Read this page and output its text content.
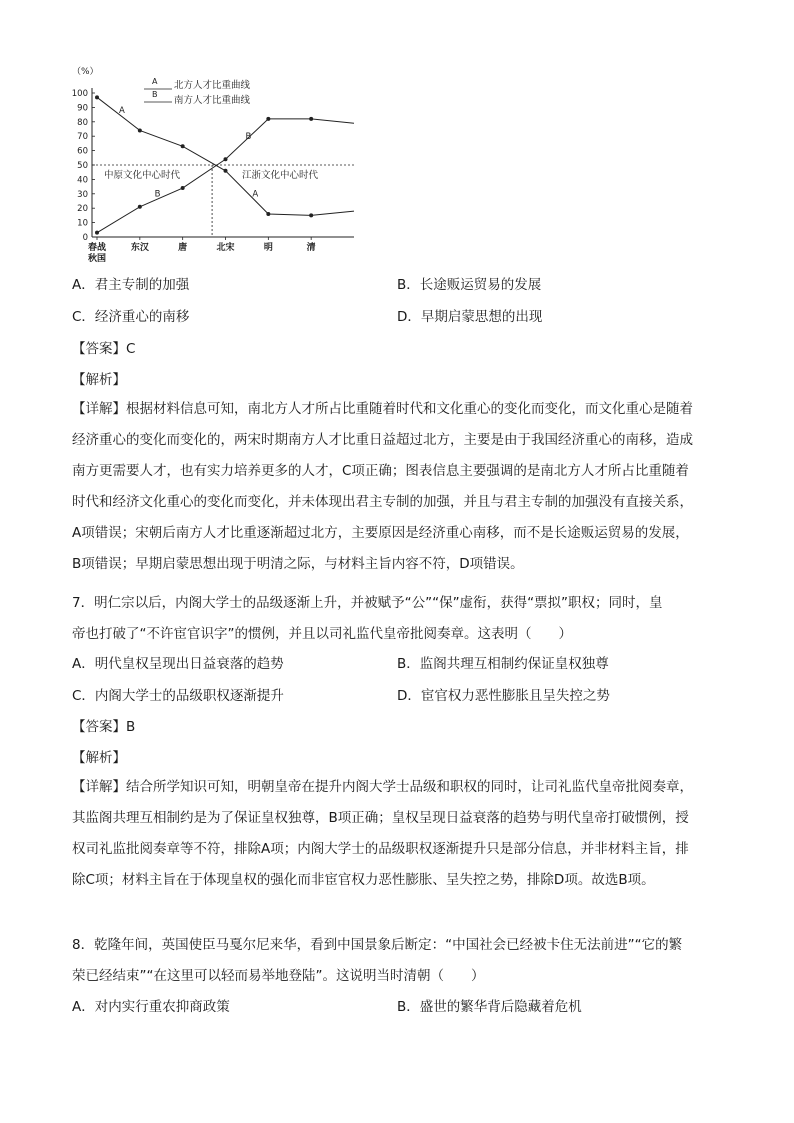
（%）
A 北方人才比重曲线
B
南方人才比重曲线
0
10
20
30
40
50
60
70
80
90
100
春战	东汉	唐	北宋	明	清
秋国
A
B
B
A
中原文化中心时代	江浙文化中心时代
A．君主专制的加强	B．长途贩运贸易的发展
C．经济重心的南移	D．早期启蒙思想的出现
【答案】C
【解析】
【详解】根据材料信息可知，南北方人才所占比重随着时代和文化重心的变化而变化，而文化重心是随着
经济重心的变化而变化的，两宋时期南方人才比重日益超过北方，主要是由于我国经济重心的南移，造成
南方更需要人才，也有实力培养更多的人才，C项正确；图表信息主要强调的是南北方人才所占比重随着
时代和经济文化重心的变化而变化，并未体现出君主专制的加强，并且与君主专制的加强没有直接关系，
A项错误；宋朝后南方人才比重逐渐超过北方，主要原因是经济重心南移，而不是长途贩运贸易的发展，
B项错误；早期启蒙思想出现于明清之际，与材料主旨内容不符，D项错误。
7．明仁宗以后，内阁大学士的品级逐渐上升，并被赋予“公”“保”虚衔，获得“票拟”职权；同时，皇
帝也打破了“不许宦官识字”的惯例，并且以司礼监代皇帝批阅奏章。这表明（　　）
A．明代皇权呈现出日益衰落的趋势	B．监阁共理互相制约保证皇权独尊
C．内阁大学士的品级职权逐渐提升	D．宦官权力恶性膨胀且呈失控之势
【答案】B
【解析】
【详解】结合所学知识可知，明朝皇帝在提升内阁大学士品级和职权的同时，让司礼监代皇帝批阅奏章，
其监阁共理互相制约是为了保证皇权独尊，B项正确；皇权呈现日益衰落的趋势与明代皇帝打破惯例，授
权司礼监批阅奏章等不符，排除A项；内阁大学士的品级职权逐渐提升只是部分信息，并非材料主旨，排
除C项；材料主旨在于体现皇权的强化而非宦官权力恶性膨胀、呈失控之势，排除D项。故选B项。
8．乾隆年间，英国使臣马戛尔尼来华，看到中国景象后断定：“中国社会已经被卡住无法前进”“它的繁
荣已经结束”“在这里可以轻而易举地登陆”。这说明当时清朝（　　）
A．对内实行重农抑商政策	B．盛世的繁华背后隐藏着危机
